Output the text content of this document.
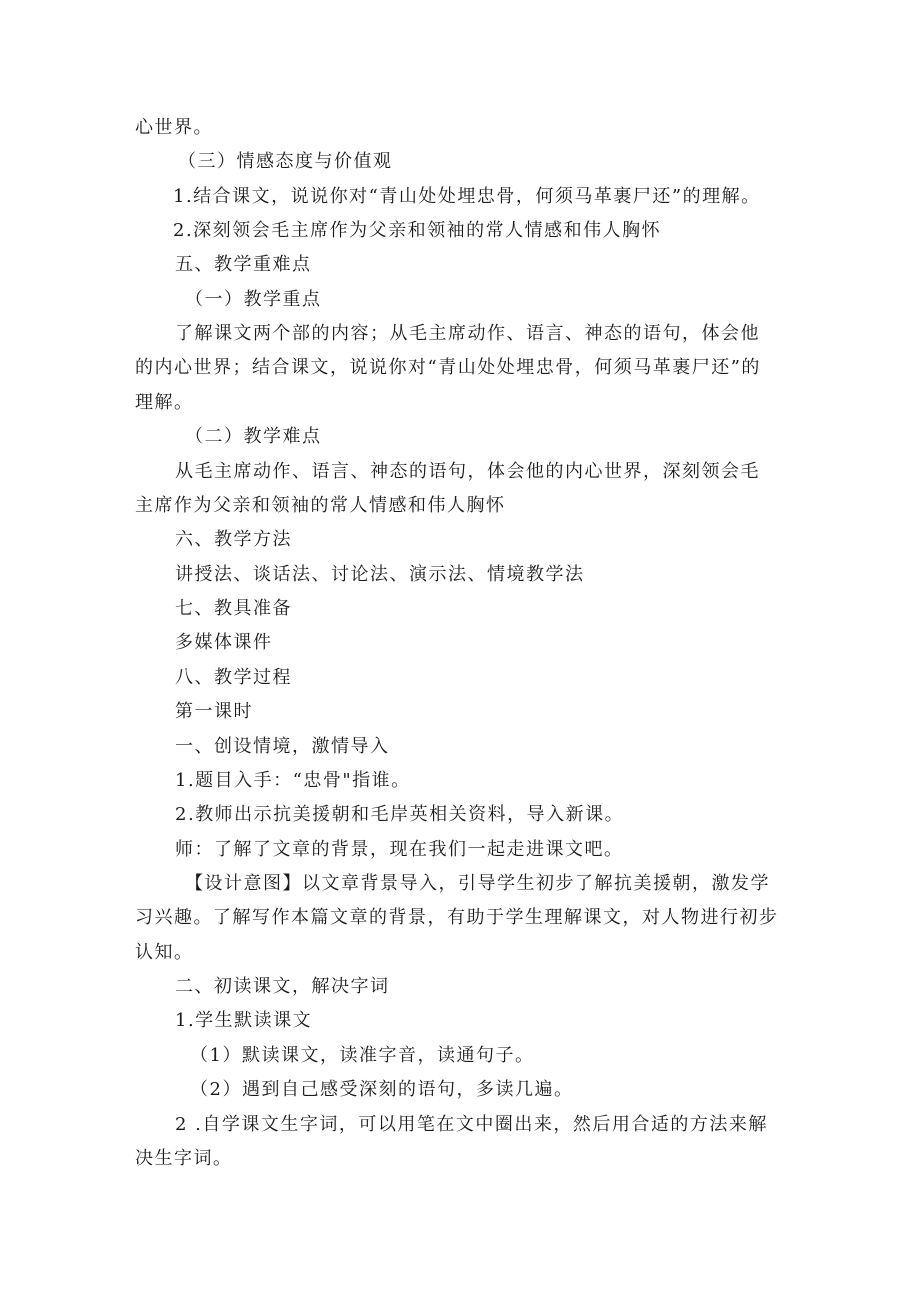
心世界。
（三）情感态度与价值观
1.结合课文，说说你对“青山处处埋忠骨，何须马革裹尸还”的理解。
2.深刻领会毛主席作为父亲和领袖的常人情感和伟人胸怀
五、教学重难点
（一）教学重点
了解课文两个部的内容；从毛主席动作、语言、神态的语句，体会他
的内心世界；结合课文，说说你对“青山处处埋忠骨，何须马革裹尸还”的
理解。
（二）教学难点
从毛主席动作、语言、神态的语句，体会他的内心世界，深刻领会毛
主席作为父亲和领袖的常人情感和伟人胸怀
六、教学方法
讲授法、谈话法、讨论法、演示法、情境教学法
七、教具准备
多媒体课件
八、教学过程
第一课时
一、创设情境，激情导入
1.题目入手：“忠骨"指谁。
2.教师出示抗美援朝和毛岸英相关资料，导入新课。
师：了解了文章的背景，现在我们一起走进课文吧。
【设计意图】以文章背景导入，引导学生初步了解抗美援朝，激发学
习兴趣。了解写作本篇文章的背景，有助于学生理解课文，对人物进行初步
认知。
二、初读课文，解决字词
1.学生默读课文
（1）默读课文，读准字音，读通句子。
（2）遇到自己感受深刻的语句，多读几遍。
2 .自学课文生字词，可以用笔在文中圈出来，然后用合适的方法来解
决生字词。
